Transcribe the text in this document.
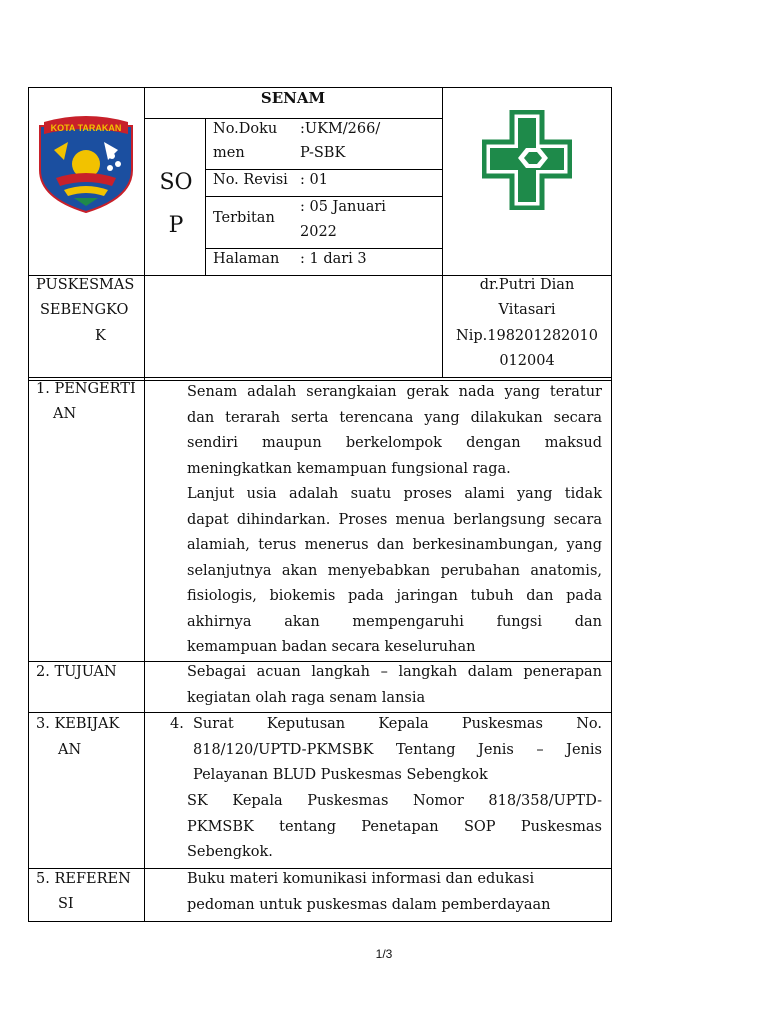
KOTA TARAKAN
SENAM
SO
P
No.Doku
men
:UKM/266/
P-SBK
No. Revisi : 01
Terbitan
: 05 Januari
2022
Halaman : 1 dari 3
PUSKESMAS
SEBENGKO
K
dr.Putri Dian
Vitasari
Nip.198201282010
012004
1. PENGERTI
AN
Senam adalah serangkaian gerak nada yang teratur
dan terarah serta terencana yang dilakukan secara
sendiri maupun berkelompok dengan maksud
meningkatkan kemampuan fungsional raga.
Lanjut usia adalah suatu proses alami yang tidak
dapat dihindarkan. Proses menua berlangsung secara
alamiah, terus menerus dan berkesinambungan, yang
selanjutnya akan menyebabkan perubahan anatomis,
fisiologis, biokemis pada jaringan tubuh dan pada
akhirnya akan mempengaruhi fungsi dan
kemampuan badan secara keseluruhan
2. TUJUAN	Sebagai acuan langkah – langkah dalam penerapan
kegiatan olah raga senam lansia
3. KEBIJAK
AN
4. Surat Keputusan Kepala Puskesmas No.
818/120/UPTD-PKMSBK Tentang Jenis – Jenis
Pelayanan BLUD Puskesmas Sebengkok
SK Kepala Puskesmas Nomor 818/358/UPTD-
PKMSBK tentang Penetapan SOP Puskesmas
Sebengkok.
5. REFEREN
SI
Buku materi komunikasi informasi dan edukasi
pedoman untuk puskesmas dalam pemberdayaan
1/3
